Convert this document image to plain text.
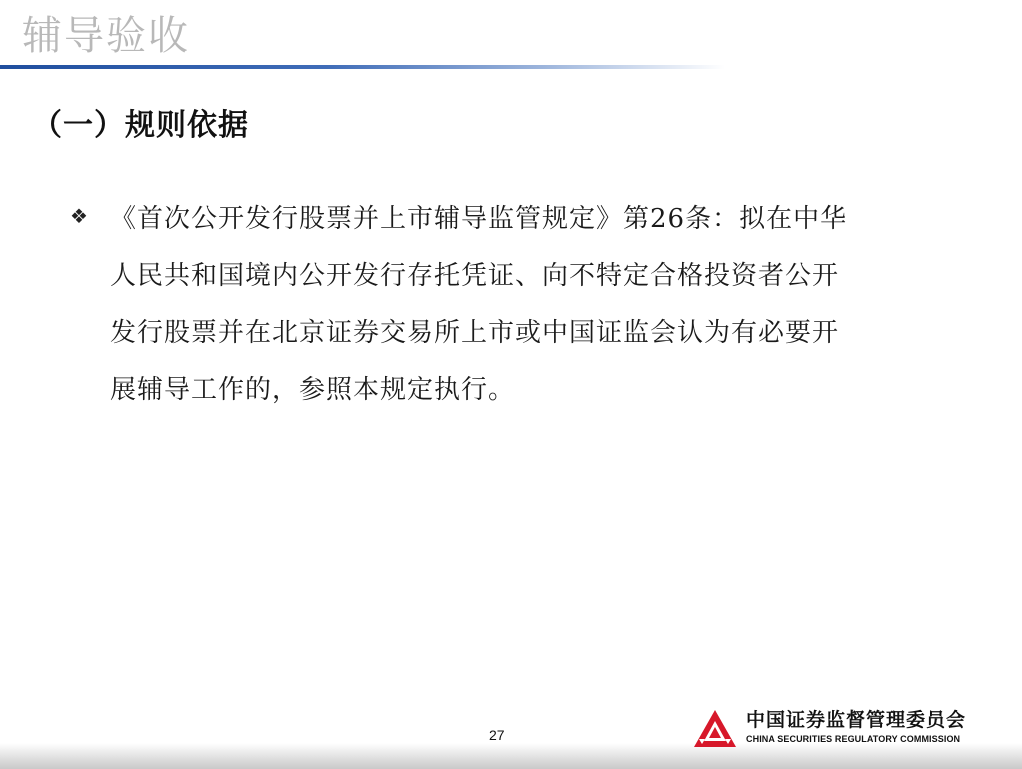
辅导验收
（一）规则依据
❖ 《首次公开发行股票并上市辅导监管规定》第26条：拟在中华
人民共和国境内公开发行存托凭证、向不特定合格投资者公开
发行股票并在北京证券交易所上市或中国证监会认为有必要开
展辅导工作的，参照本规定执行。

27
中国证券监督管理委员会
CHINA SECURITIES REGULATORY COMMISSION
